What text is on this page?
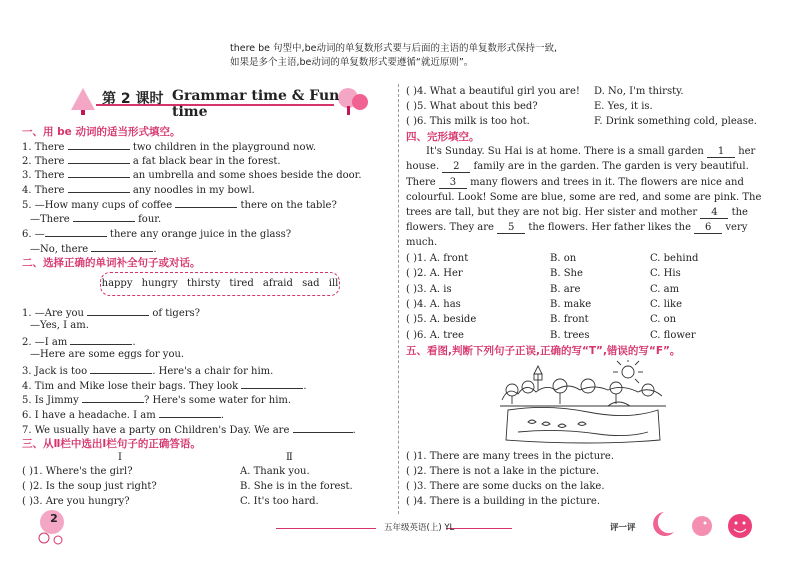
there be 句型中,be动词的单复数形式要与后面的主语的单复数形式保持一致,
如果是多个主语,be动词的单复数形式要遵循“就近原则”。
第 2 课时 Grammar time & Fun time
一、用 be 动词的适当形式填空。
1. There	two children in the playground now.
2. There	a fat black bear in the forest.
3. There	an umbrella and some shoes beside the door.
4. There	any noodles in my bowl.
5. —How many cups of coffee	there on the table?
—There	four.
6. —	there any orange juice in the glass?
—No, there	.
二、选择正确的单词补全句子或对话。
happy hungry thirsty tired afraid sad ill
1. —Are you	of tigers?
—Yes, I am.
2. —I am	.
—Here are some eggs for you.
3. Jack is too	. Here's a chair for him.
4. Tim and Mike lose their bags. They look	.
5. Is Jimmy	? Here's some water for him.
6. I have a headache. I am	.
7. We usually have a party on Children's Day. We are	.
三、从Ⅱ栏中选出Ⅰ栏句子的正确答语。
Ⅰ	Ⅱ
( )1. Where's the girl?	A. Thank you.
( )2. Is the soup just right?	B. She is in the forest.
( )3. Are you hungry?	C. It's too hard.
( )4. What a beautiful girl you are! D. No, I'm thirsty.
( )5. What about this bed?	E. Yes, it is.
( )6. This milk is too hot.	F. Drink something cold, please.
四、完形填空。
It's Sunday. Su Hai is at home. There is a small garden 1 her
house. 2 family are in the garden. The garden is very beautiful.
There 3 many flowers and trees in it. The flowers are nice and
colourful. Look! Some are blue, some are red, and some are pink. The
trees are tall, but they are not big. Her sister and mother 4 the
flowers. They are 5 the flowers. Her father likes the 6 very
much.
( )1. A. front	B. on	C. behind
( )2. A. Her	B. She	C. His
( )3. A. is	B. are	C. am
( )4. A. has	B. make	C. like
( )5. A. beside	B. front	C. on
( )6. A. tree	B. trees	C. flower
五、看图,判断下列句子正误,正确的写“T”,错误的写“F”。
( )1. There are many trees in the picture.
( )2. There is not a lake in the picture.
( )3. There are some ducks on the lake.
( )4. There is a building in the picture.
2
五年级英语(上) YL	评一评
